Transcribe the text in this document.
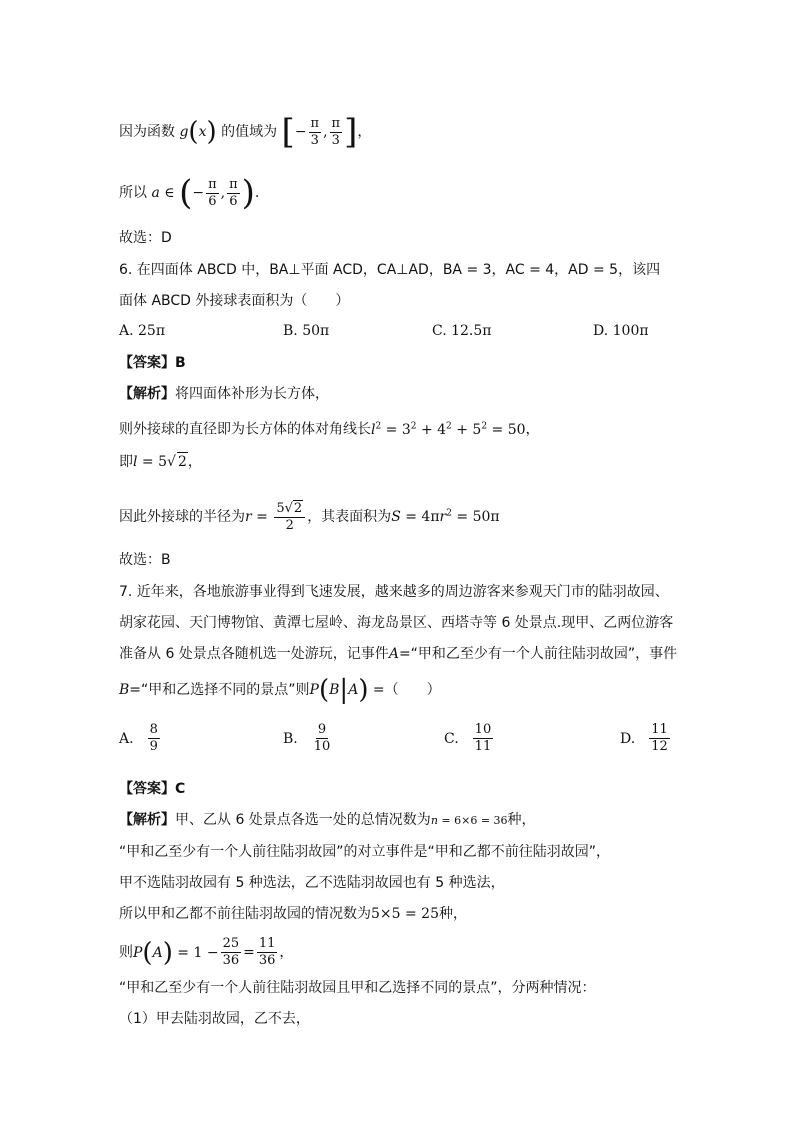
因为函数 g(x) 的值域为 [− $\frac{\pi}{3}$ , $\frac{\pi}{3}$ ]，
所以 a ∈ (− $\frac{\pi}{6}$ , $\frac{\pi}{6}$ ).
故选：D
6. 在四面体 ABCD 中，BA⊥平面 ACD，CA⊥AD，BA = 3，AC = 4，AD = 5，该四
面体 ABCD 外接球表面积为（　　）
A. 25π	B. 50π	C. 12.5π	D. 100π
【答案】B
【解析】将四面体补形为长方体，
则外接球的直径即为长方体的体对角线长$l^2 = 3^2 + 4^2 + 5^2 = 50$，
即l = 5√ 2，
因此外接球的半径为$r = \frac{5√2}{2}$ ，其表面积为$S = 4\pi r^2 = 50\pi$
故选：B
7. 近年来，各地旅游事业得到飞速发展，越来越多的周边游客来参观天门市的陆羽故园、
胡家花园、天门博物馆、黄潭七屋岭、海龙岛景区、西塔寺等 6 处景点.现甲、乙两位游客
准备从 6 处景点各随机选一处游玩，记事件A=“甲和乙至少有一个人前往陆羽故园”，事件
B=“甲和乙选择不同的景点”则P(B|A) =（　　）
A. $\frac{8}{9}$	B. $\frac{9}{10}$	C. $\frac{10}{11}$	D. $\frac{11}{12}$
【答案】C
【解析】甲、乙从 6 处景点各选一处的总情况数为n = 6×6 = 36种，
“甲和乙至少有一个人前往陆羽故园”的对立事件是“甲和乙都不前往陆羽故园”，
甲不选陆羽故园有 5 种选法，乙不选陆羽故园也有 5 种选法，
所以甲和乙都不前往陆羽故园的情况数为5×5 = 25种，
则$P(A) = 1 - \frac{25}{36} = \frac{11}{36}$ ，
“甲和乙至少有一个人前往陆羽故园且甲和乙选择不同的景点”，分两种情况：
（1）甲去陆羽故园，乙不去，
